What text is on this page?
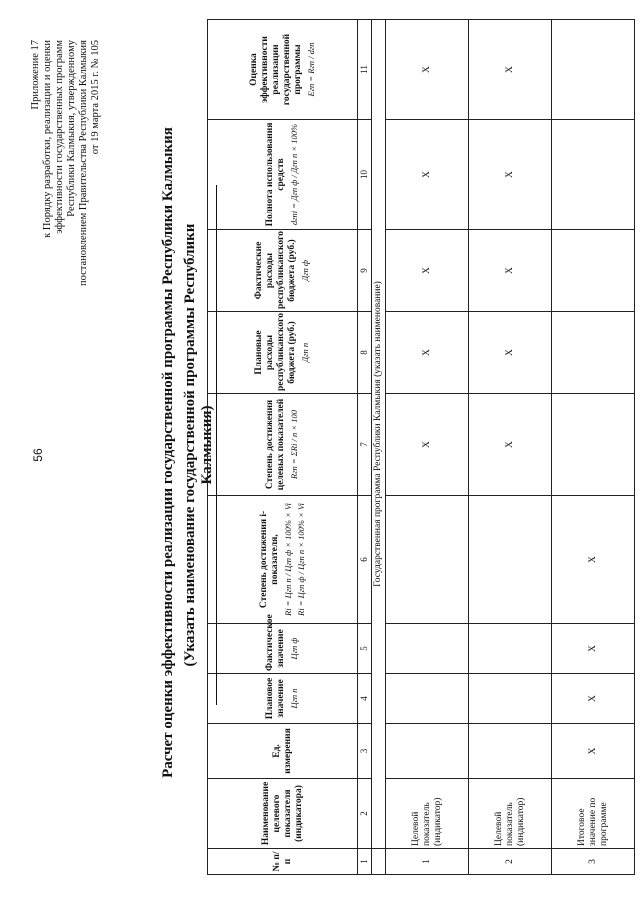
56
Приложение 17 к Порядку разработки, реализации и оценки эффективности государственных программ Республики Калмыкия, утвержденному постановлением Правительства Республики Калмыкия от 19 марта 2015 г. № 105
Расчет оценки эффективности реализации государственной программы Республики Калмыкия (Указать наименование государственной программы Республики Калмыкия)
№ п/ п	Наименование целевого показателя (индикатора)	Ед. измерения	Плановое значение Цгп п	Фактическое значение Цгп ф	Степень достижения i-показателя, Ri = Цгп п / Цгп ф × 100% × Vi Ri = Цгп ф / Цгп п × 100% × Vi	Степень достижения целевых показателей Rгп = ΣRi / n × 100	Плановые расходы республиканского бюджета (руб.) Дгп п	Фактические расходы республиканского бюджета (руб.) Дгп ф	Полнота использования средств dгпi = Дгп ф / Дгп п × 100%	Оценка эффективности реализации государственной программы Eгп = Rгп / dгп

1	2	3	4	5	6	7	8	9	10	11
	Государственная программа Республики Калмыкия (указать наименование)									
1	Целевой показатель (индикатор)					X	X	X	X	X
2	Целевой показатель (индикатор)					X	X	X	X	X
3	Итоговое значение по программе	X	X	X	X					
